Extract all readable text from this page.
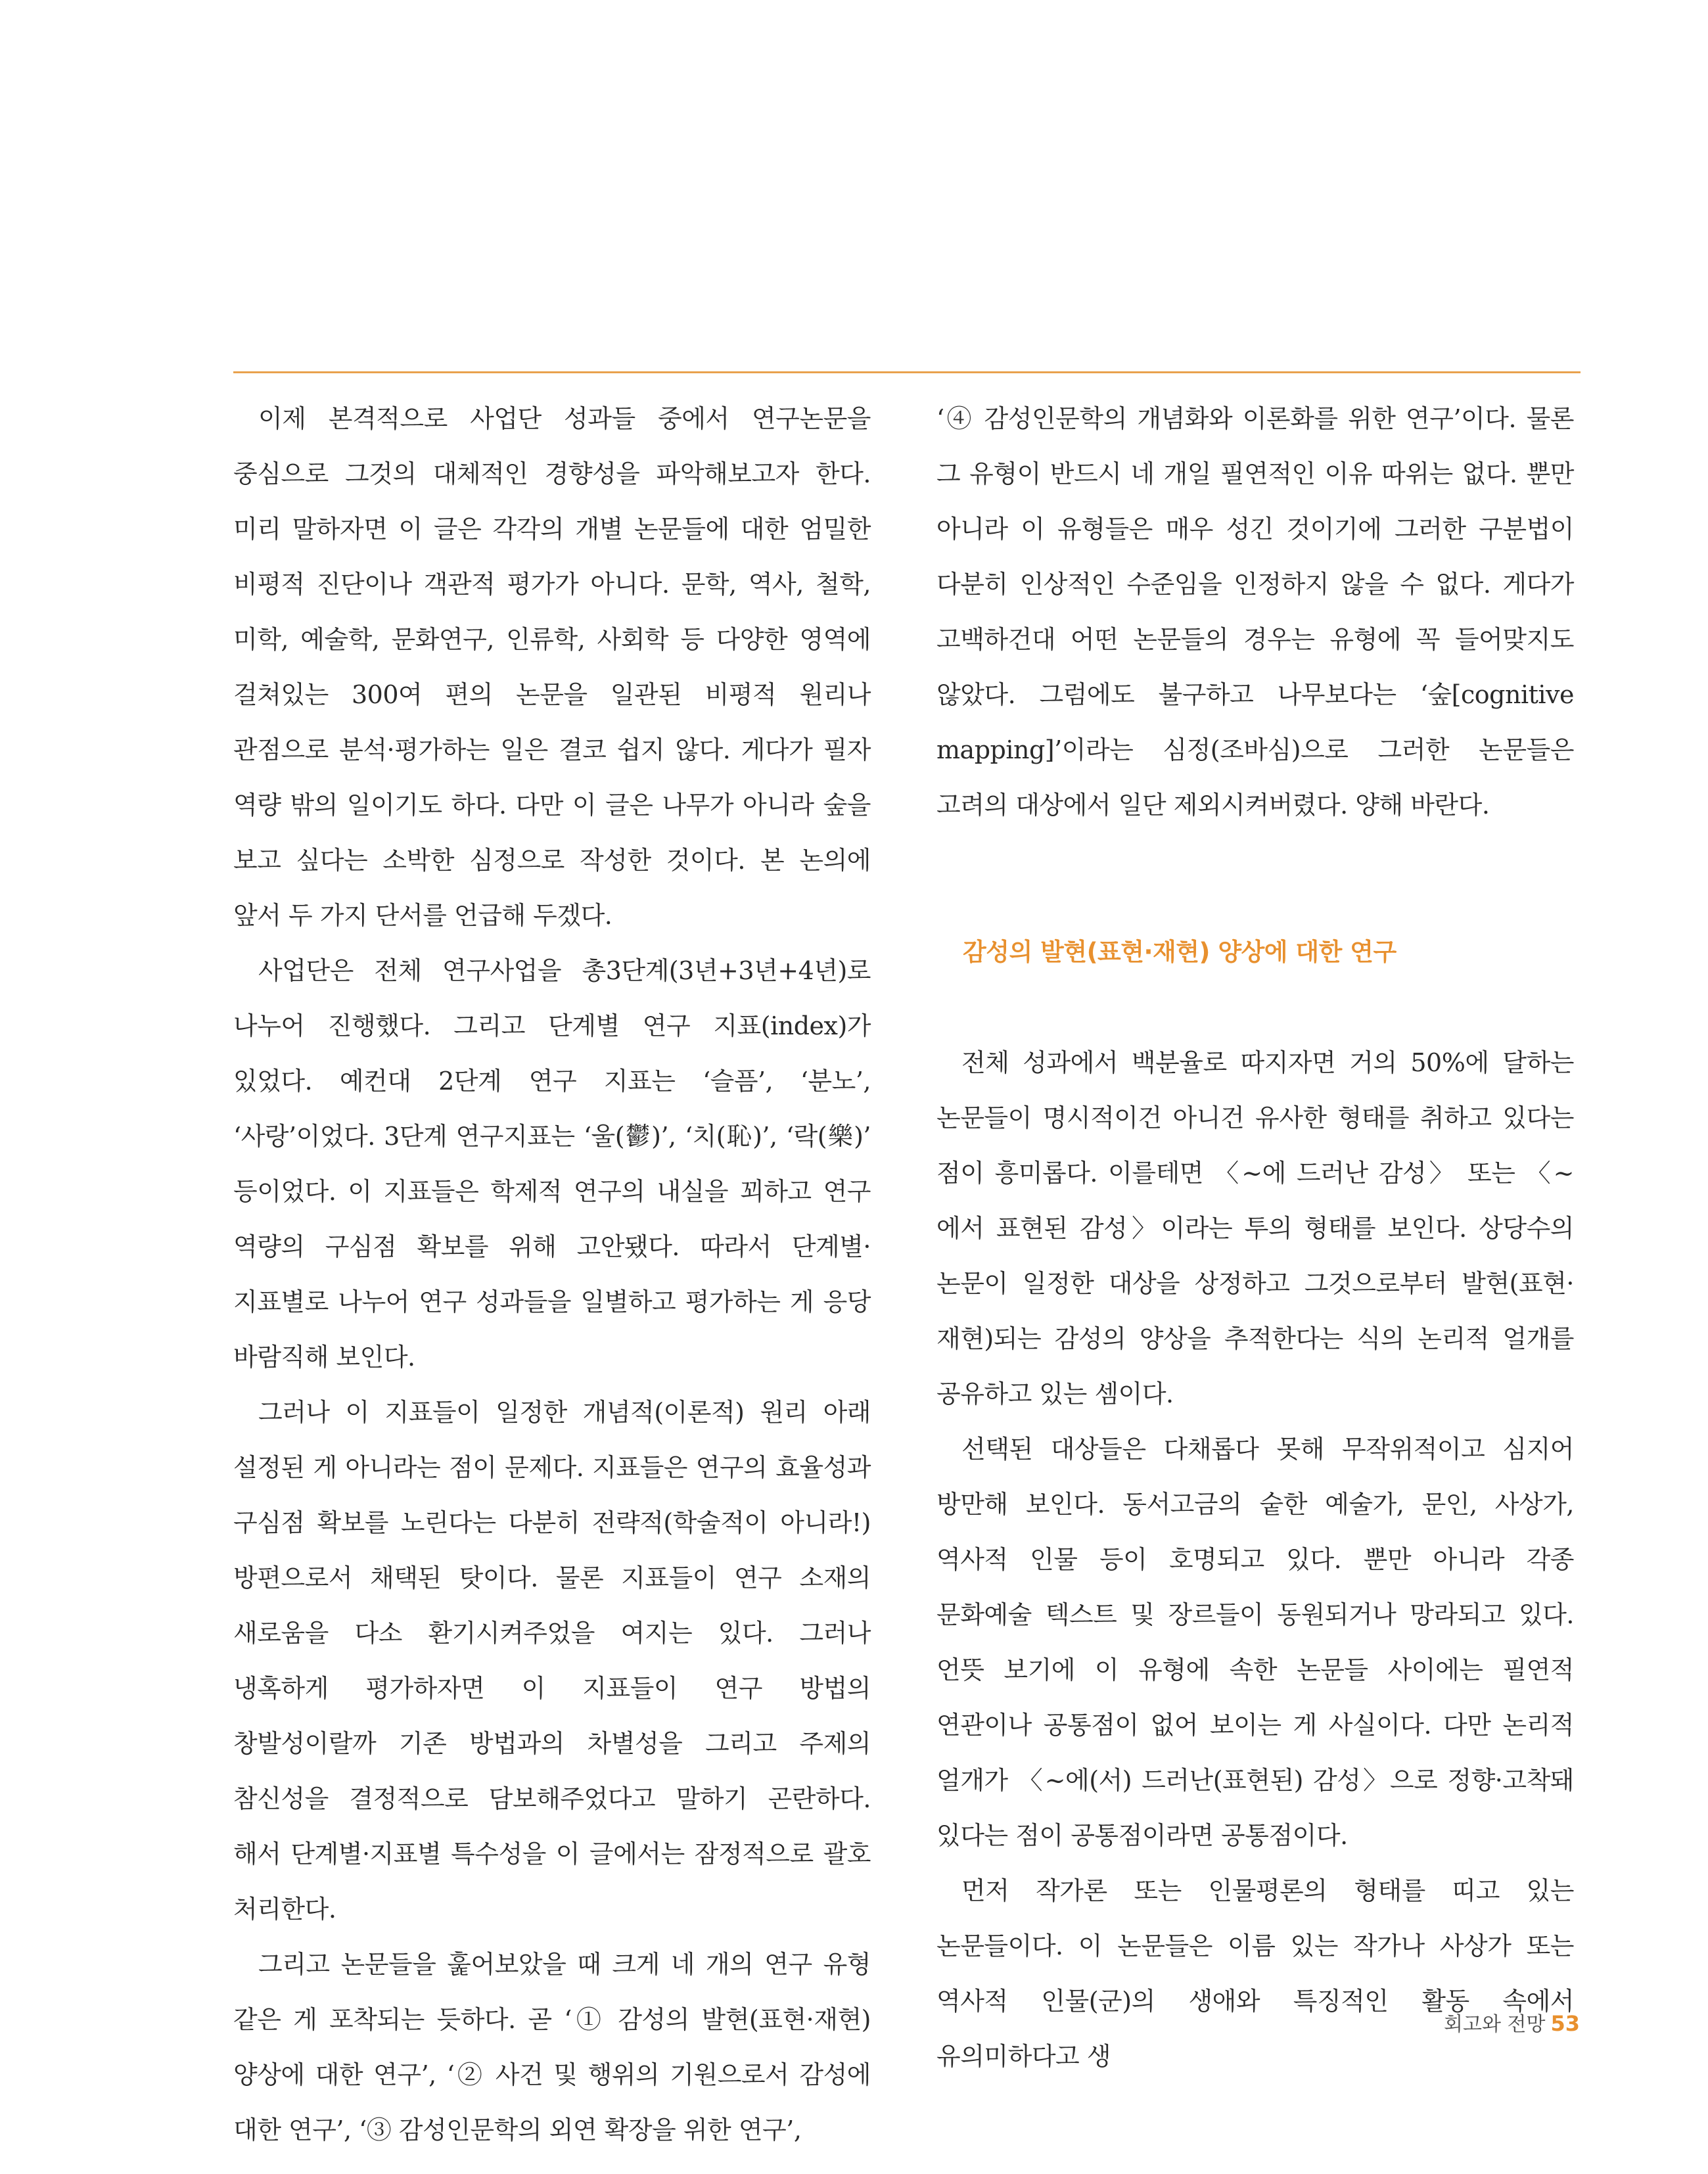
이제 본격적으로 사업단 성과들 중에서 연구논문을 중심으로 그것의 대체적인 경향성을 파악해보고자 한다. 미리 말하자면 이 글은 각각의 개별 논문들에 대한 엄밀한 비평적 진단이나 객관적 평가가 아니다. 문학, 역사, 철학, 미학, 예술학, 문화연구, 인류학, 사회학 등 다양한 영역에 걸쳐있는 300여 편의 논문을 일관된 비평적 원리나 관점으로 분석·평가하는 일은 결코 쉽지 않다. 게다가 필자 역량 밖의 일이기도 하다. 다만 이 글은 나무가 아니라 숲을 보고 싶다는 소박한 심정으로 작성한 것이다. 본 논의에 앞서 두 가지 단서를 언급해 두겠다.

사업단은 전체 연구사업을 총3단계(3년+3년+4년)로 나누어 진행했다. 그리고 단계별 연구 지표(index)가 있었다. 예컨대 2단계 연구 지표는 ‘슬픔’, ‘분노’, ‘사랑’이었다. 3단계 연구지표는 ‘울(鬱)’, ‘치(恥)’, ‘락(樂)’ 등이었다. 이 지표들은 학제적 연구의 내실을 꾀하고 연구 역량의 구심점 확보를 위해 고안됐다. 따라서 단계별·지표별로 나누어 연구 성과들을 일별하고 평가하는 게 응당 바람직해 보인다.

그러나 이 지표들이 일정한 개념적(이론적) 원리 아래 설정된 게 아니라는 점이 문제다. 지표들은 연구의 효율성과 구심점 확보를 노린다는 다분히 전략적(학술적이 아니라!) 방편으로서 채택된 탓이다. 물론 지표들이 연구 소재의 새로움을 다소 환기시켜주었을 여지는 있다. 그러나 냉혹하게 평가하자면 이 지표들이 연구 방법의 창발성이랄까 기존 방법과의 차별성을 그리고 주제의 참신성을 결정적으로 담보해주었다고 말하기 곤란하다. 해서 단계별·지표별 특수성을 이 글에서는 잠정적으로 괄호 처리한다.

그리고 논문들을 훑어보았을 때 크게 네 개의 연구 유형 같은 게 포착되는 듯하다. 곧 ‘① 감성의 발현(표현·재현) 양상에 대한 연구’, ‘② 사건 및 행위의 기원으로서 감성에 대한 연구’, ‘③ 감성인문학의 외연 확장을 위한 연구’,

‘④ 감성인문학의 개념화와 이론화를 위한 연구’이다. 물론 그 유형이 반드시 네 개일 필연적인 이유 따위는 없다. 뿐만 아니라 이 유형들은 매우 성긴 것이기에 그러한 구분법이 다분히 인상적인 수준임을 인정하지 않을 수 없다. 게다가 고백하건대 어떤 논문들의 경우는 유형에 꼭 들어맞지도 않았다. 그럼에도 불구하고 나무보다는 ‘숲[cognitive mapping]’이라는 심정(조바심)으로 그러한 논문들은 고려의 대상에서 일단 제외시켜버렸다. 양해 바란다.

감성의 발현(표현·재현) 양상에 대한 연구

전체 성과에서 백분율로 따지자면 거의 50%에 달하는 논문들이 명시적이건 아니건 유사한 형태를 취하고 있다는 점이 흥미롭다. 이를테면 〈~에 드러난 감성〉 또는 〈~에서 표현된 감성〉이라는 투의 형태를 보인다. 상당수의 논문이 일정한 대상을 상정하고 그것으로부터 발현(표현·재현)되는 감성의 양상을 추적한다는 식의 논리적 얼개를 공유하고 있는 셈이다.

선택된 대상들은 다채롭다 못해 무작위적이고 심지어 방만해 보인다. 동서고금의 숱한 예술가, 문인, 사상가, 역사적 인물 등이 호명되고 있다. 뿐만 아니라 각종 문화예술 텍스트 및 장르들이 동원되거나 망라되고 있다. 언뜻 보기에 이 유형에 속한 논문들 사이에는 필연적 연관이나 공통점이 없어 보이는 게 사실이다. 다만 논리적 얼개가 〈~에(서) 드러난(표현된) 감성〉으로 정향·고착돼 있다는 점이 공통점이라면 공통점이다.

먼저 작가론 또는 인물평론의 형태를 띠고 있는 논문들이다. 이 논문들은 이름 있는 작가나 사상가 또는 역사적 인물(군)의 생애와 특징적인 활동 속에서 유의미하다고 생

회고와 전망 53
